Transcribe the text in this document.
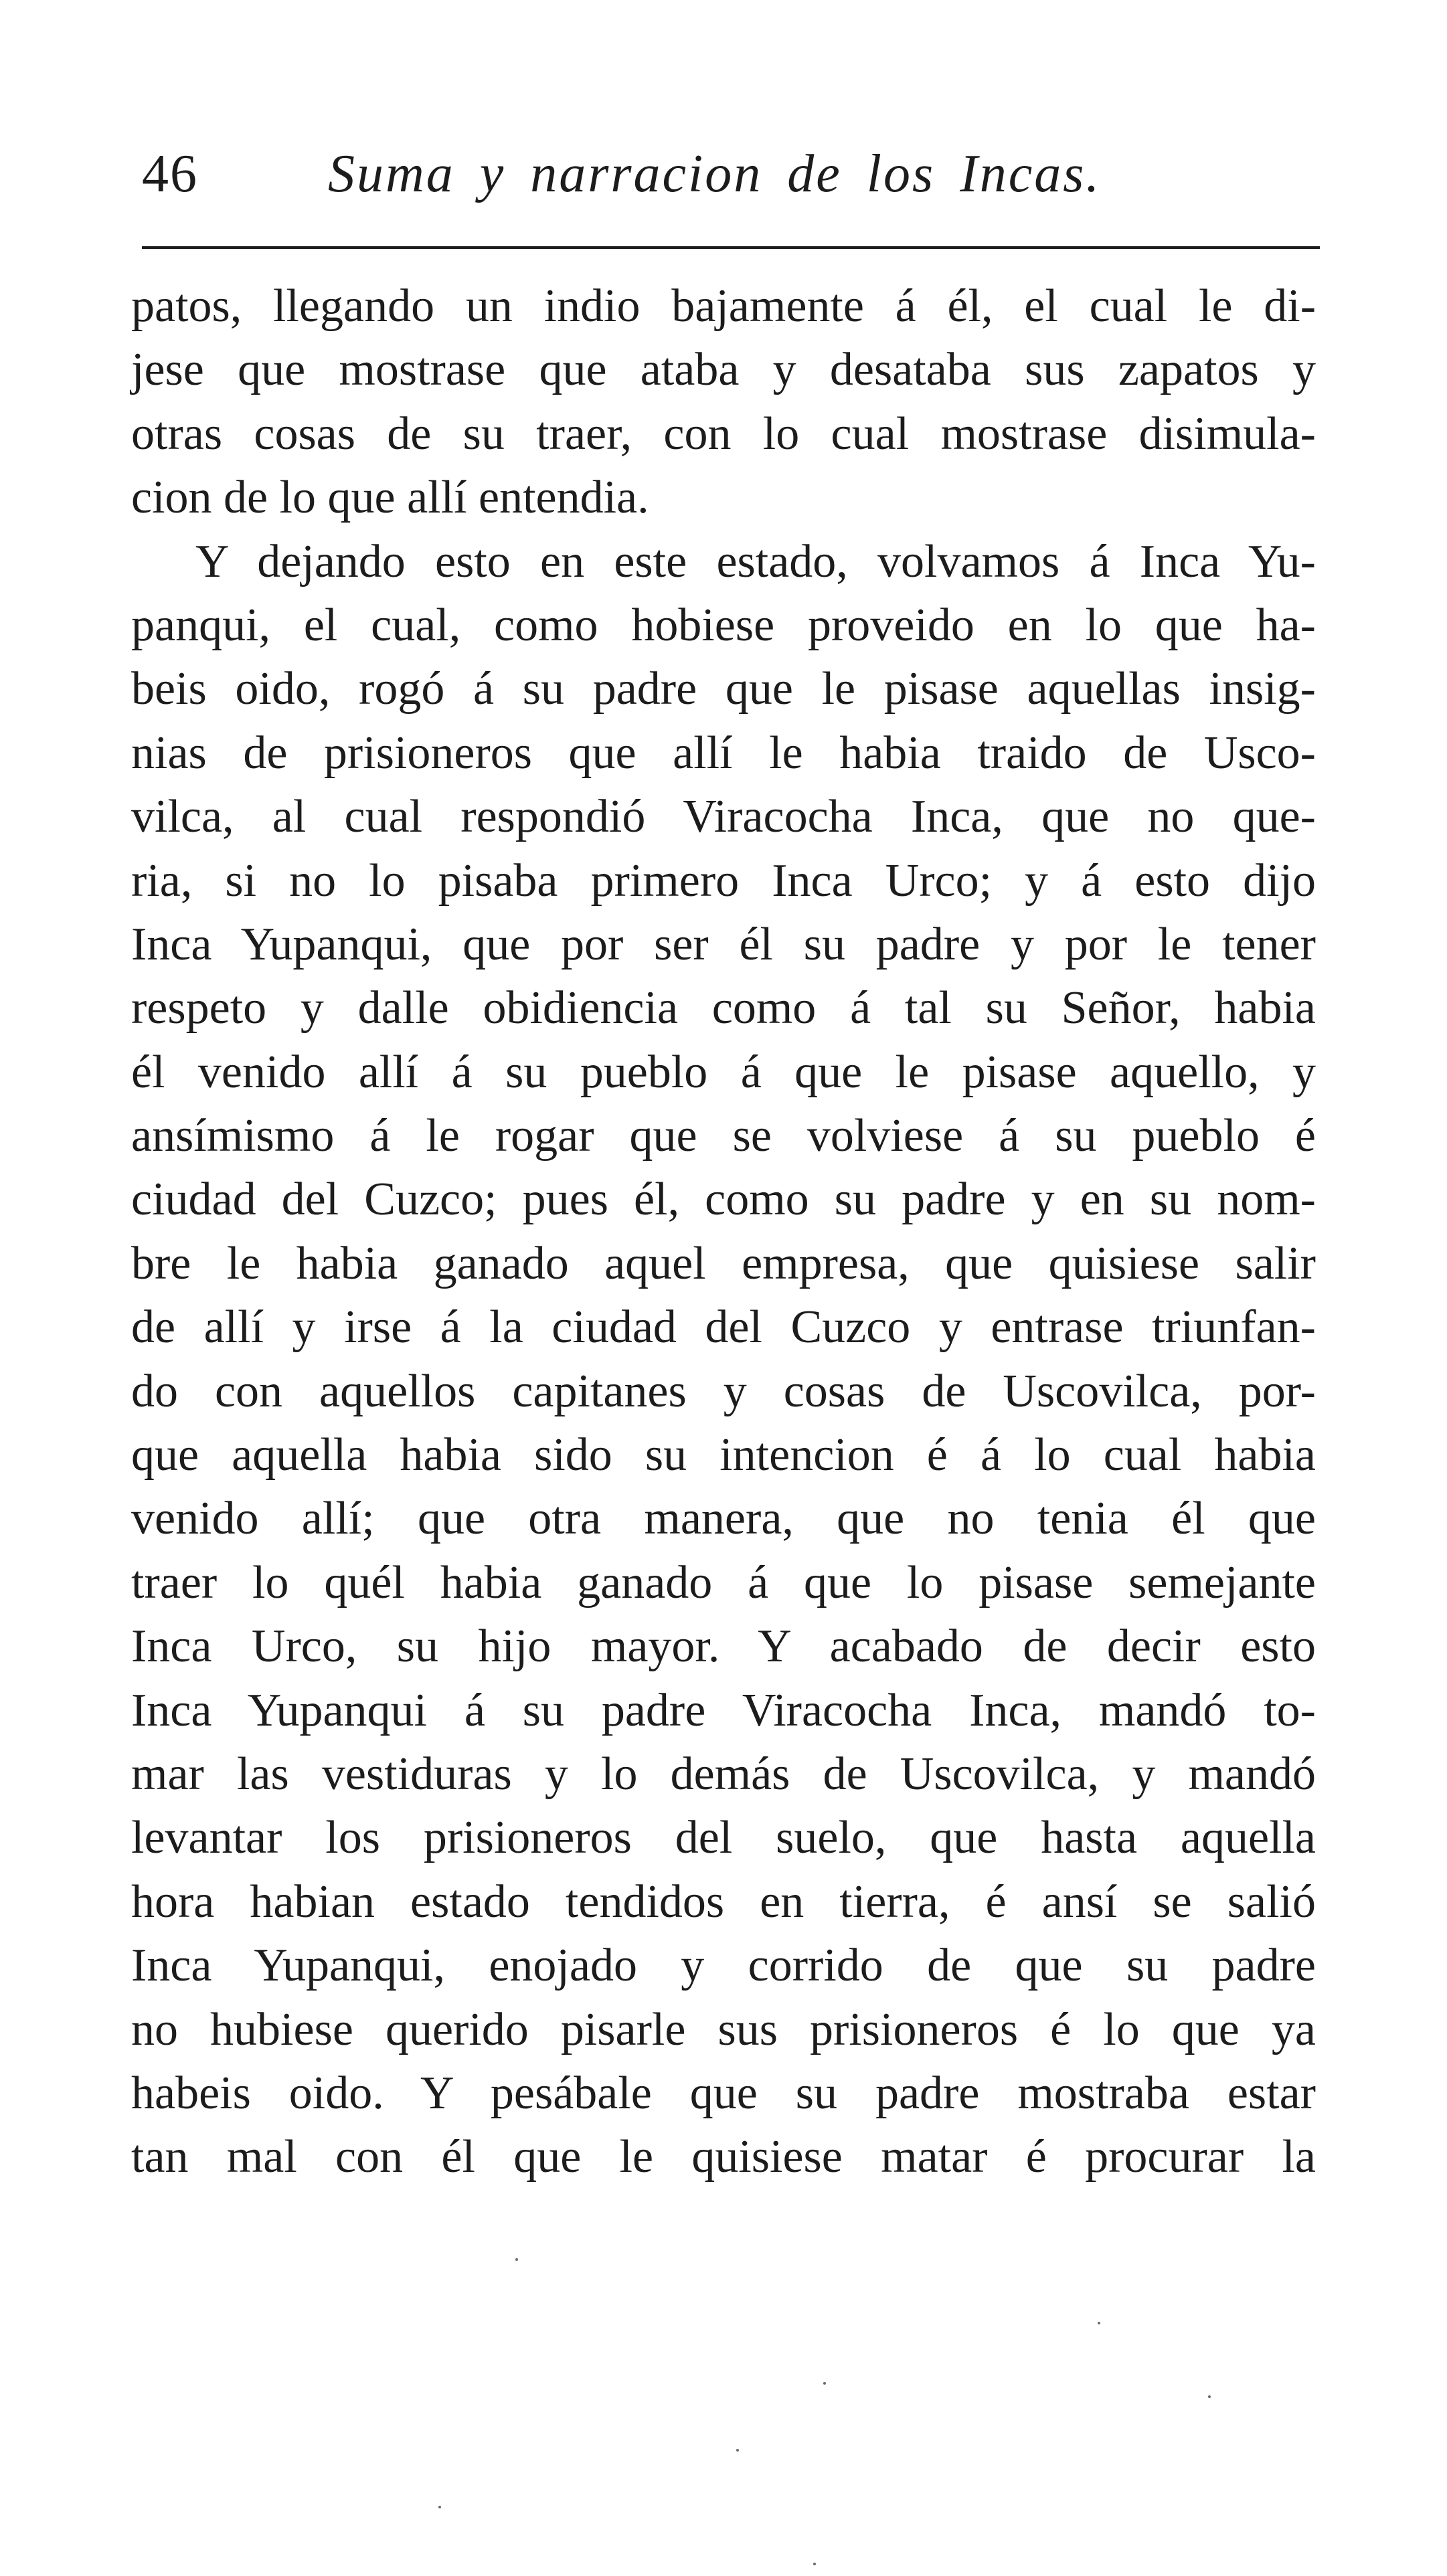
46 Suma y narracion de los Incas.
patos, llegando un indio bajamente á él, el cual le di-
jese que mostrase que ataba y desataba sus zapatos y
otras cosas de su traer, con lo cual mostrase disimula-
cion de lo que allí entendia.
Y dejando esto en este estado, volvamos á Inca Yu-
panqui, el cual, como hobiese proveido en lo que ha-
beis oido, rogó á su padre que le pisase aquellas insig-
nias de prisioneros que allí le habia traido de Usco-
vilca, al cual respondió Viracocha Inca, que no que-
ria, si no lo pisaba primero Inca Urco; y á esto dijo
Inca Yupanqui, que por ser él su padre y por le tener
respeto y dalle obidiencia como á tal su Señor, habia
él venido allí á su pueblo á que le pisase aquello, y
ansímismo á le rogar que se volviese á su pueblo é
ciudad del Cuzco; pues él, como su padre y en su nom-
bre le habia ganado aquel empresa, que quisiese salir
de allí y irse á la ciudad del Cuzco y entrase triunfan-
do con aquellos capitanes y cosas de Uscovilca, por-
que aquella habia sido su intencion é á lo cual habia
venido allí; que otra manera, que no tenia él que
traer lo quél habia ganado á que lo pisase semejante
Inca Urco, su hijo mayor. Y acabado de decir esto
Inca Yupanqui á su padre Viracocha Inca, mandó to-
mar las vestiduras y lo demás de Uscovilca, y mandó
levantar los prisioneros del suelo, que hasta aquella
hora habian estado tendidos en tierra, é ansí se salió
Inca Yupanqui, enojado y corrido de que su padre
no hubiese querido pisarle sus prisioneros é lo que ya
habeis oido. Y pesábale que su padre mostraba estar
tan mal con él que le quisiese matar é procurar la
